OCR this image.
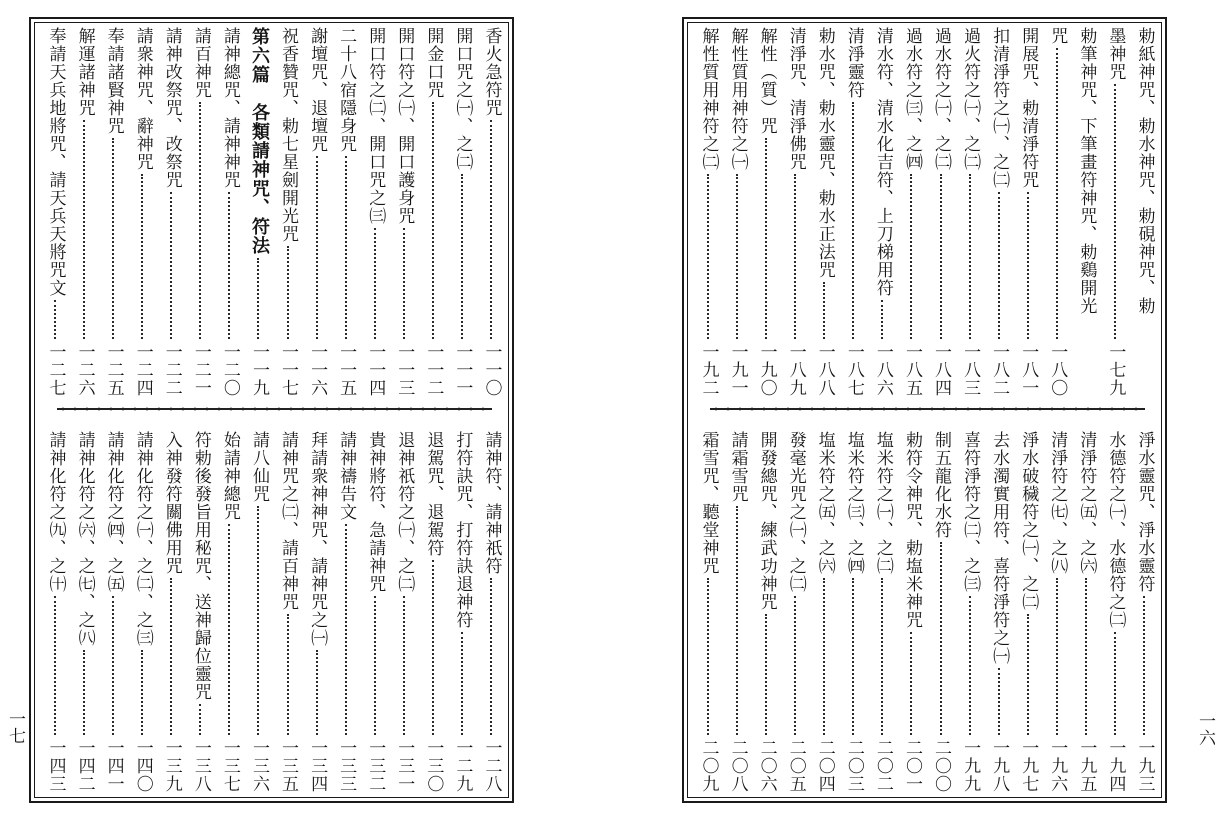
香火急符咒
一一〇
開口咒之㈠、之㈡
一一一
開金口咒
一一二
開口符之㈠、開口護身咒
一一三
開口符之㈡、開口咒之㈢
一一四
二十八宿隱身咒
一一五
謝壇咒、退壇咒
一一六
祝香贊咒、勅七星劍開光咒
一一七
第六篇　各類請神咒、符法
一一九
請神總咒、請神神咒
一二〇
請百神咒
一二一
請神改祭咒、改祭咒
一二二
請衆神咒、辭神咒
一二四
奉請諸賢神咒
一二五
解運諸神咒
一二六
奉請天兵地將咒、請天兵天將咒文
一二七
請神符、請神祇符
一二八
打符訣咒、打符訣退神符
一二九
退駕咒、退駕符
一三〇
退神祇符之㈠、之㈡
一三一
貴神將符、急請神咒
一三二
請神禱告文
一三三
拜請衆神神咒、請神咒之㈠
一三四
請神咒之㈡、請百神咒
一三五
請八仙咒
一三六
始請神總咒
一三七
符勅後發旨用秘咒、送神歸位靈咒
一三八
入神發符關佛用咒
一三九
請神化符之㈠、之㈡、之㈢
一四〇
請神化符之㈣、之㈤
一四一
請神化符之㈥、之㈦、之㈧
一四二
請神化符之㈨、之㈩
一四三
一七
勅紙神咒、勅水神咒、勅硯神咒、勅
墨神咒
一七九
勅筆神咒、下筆畫符神咒、勅鷄開光
咒
一八〇
開展咒、勅清淨符咒
一八一
扣清淨符之㈠、之㈡
一八二
過火符之㈠、之㈡
一八三
過水符之㈠、之㈡
一八四
過水符之㈢、之㈣
一八五
清水符、清水化吉符、上刀梯用符
一八六
清淨靈符
一八七
勅水咒、勅水靈咒、勅水正法咒
一八八
清淨咒、清淨佛咒
一八九
解性（質）咒
一九〇
解性質用神符之㈠
一九一
解性質用神符之㈡
一九二
淨水靈咒、淨水靈符
一九三
水德符之㈠、水德符之㈡
一九四
清淨符之㈤、之㈥
一九五
清淨符之㈦、之㈧
一九六
淨水破穢符之㈠、之㈡
一九七
去水濁實用符、喜符淨符之㈠
一九八
喜符淨符之㈡、之㈢
一九九
制五龍化水符
二〇〇
勅符令神咒、勅塩米神咒
二〇一
塩米符之㈠、之㈡
二〇二
塩米符之㈢、之㈣
二〇三
塩米符之㈤、之㈥
二〇四
發毫光咒之㈠、之㈡
二〇五
開發總咒、練武功神咒
二〇六
請霜雪咒
二〇八
霜雪咒、聽堂神咒
二〇九
一六
